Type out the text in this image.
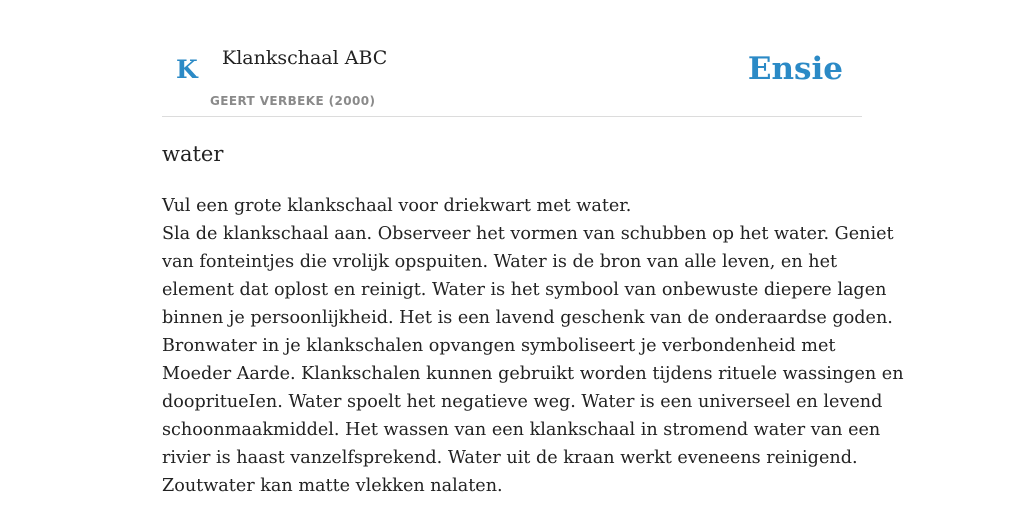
K Klankschaal ABC
GEERT VERBEKE (2000)
Ensie
water
Vul een grote klankschaal voor driekwart met water.
Sla de klankschaal aan. Observeer het vormen van schubben op het water. Geniet
van fonteintjes die vrolijk opspuiten. Water is de bron van alle leven, en het
element dat oplost en reinigt. Water is het symbool van onbewuste diepere lagen
binnen je persoonlijkheid. Het is een lavend geschenk van de onderaardse goden.
Bronwater in je klankschalen opvangen symboliseert je verbondenheid met
Moeder Aarde. Klankschalen kunnen gebruikt worden tijdens rituele wassingen en
doopritueIen. Water spoelt het negatieve weg. Water is een universeel en levend
schoonmaakmiddel. Het wassen van een klankschaal in stromend water van een
rivier is haast vanzelfsprekend. Water uit de kraan werkt eveneens reinigend.
Zoutwater kan matte vlekken nalaten.
